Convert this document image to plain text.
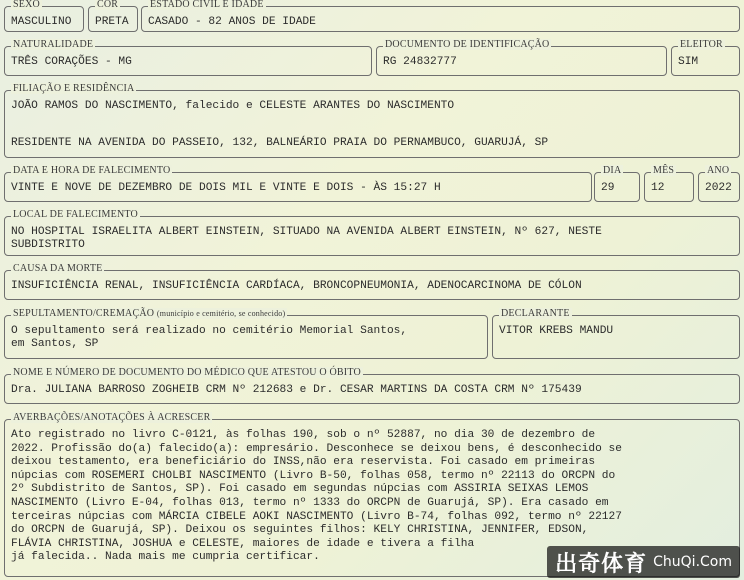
SEXO
MASCULINO
COR
PRETA
ESTADO CIVIL E IDADE
CASADO - 82 ANOS DE IDADE
NATURALIDADE
TRÊS CORAÇÕES - MG
DOCUMENTO DE IDENTIFICAÇÃO
RG 24832777
ELEITOR
SIM
FILIAÇÃO E RESIDÊNCIA
JOÃO RAMOS DO NASCIMENTO, falecido e CELESTE ARANTES DO NASCIMENTO
RESIDENTE NA AVENIDA DO PASSEIO, 132, BALNEÁRIO PRAIA DO PERNAMBUCO, GUARUJÁ, SP
DATA E HORA DE FALECIMENTO
VINTE E NOVE DE DEZEMBRO DE DOIS MIL E VINTE E DOIS - ÀS 15:27 H
DIA
29
MÊS
12
ANO
2022
LOCAL DE FALECIMENTO
NO HOSPITAL ISRAELITA ALBERT EINSTEIN, SITUADO NA AVENIDA ALBERT EINSTEIN, Nº 627, NESTE
SUBDISTRITO
CAUSA DA MORTE
INSUFICIÊNCIA RENAL, INSUFICIÊNCIA CARDÍACA, BRONCOPNEUMONIA, ADENOCARCINOMA DE CÓLON
SEPULTAMENTO/CREMAÇÃO (município e cemitério, se conhecido)
O sepultamento será realizado no cemitério Memorial Santos,
em Santos, SP
DECLARANTE
VITOR KREBS MANDU
NOME E NÚMERO DE DOCUMENTO DO MÉDICO QUE ATESTOU O ÓBITO
Dra. JULIANA BARROSO ZOGHEIB CRM Nº 212683 e Dr. CESAR MARTINS DA COSTA CRM Nº 175439
AVERBAÇÕES/ANOTAÇÕES À ACRESCER
Ato registrado no livro C-0121, às folhas 190, sob o nº 52887, no dia 30 de dezembro de
2022. Profissão do(a) falecido(a): empresário. Desconhece se deixou bens, é desconhecido se
deixou testamento, era beneficiário do INSS,não era reservista. Foi casado em primeiras
núpcias com ROSEMERI CHOLBI NASCIMENTO (Livro B-50, folhas 058, termo nº 22113 do ORCPN do
2º Subdistrito de Santos, SP). Foi casado em segundas núpcias com ASSIRIA SEIXAS LEMOS
NASCIMENTO (Livro E-04, folhas 013, termo nº 1333 do ORCPN de Guarujá, SP). Era casado em
terceiras núpcias com MÁRCIA CIBELE AOKI NASCIMENTO (Livro B-74, folhas 092, termo nº 22127
do ORCPN de Guarujá, SP). Deixou os seguintes filhos: KELY CHRISTINA, JENNIFER, EDSON,
FLÁVIA CHRISTINA, JOSHUA e CELESTE, maiores de idade e tivera a filha
já falecida.. Nada mais me cumpria certificar.	出奇体育 ChuQi.Com
